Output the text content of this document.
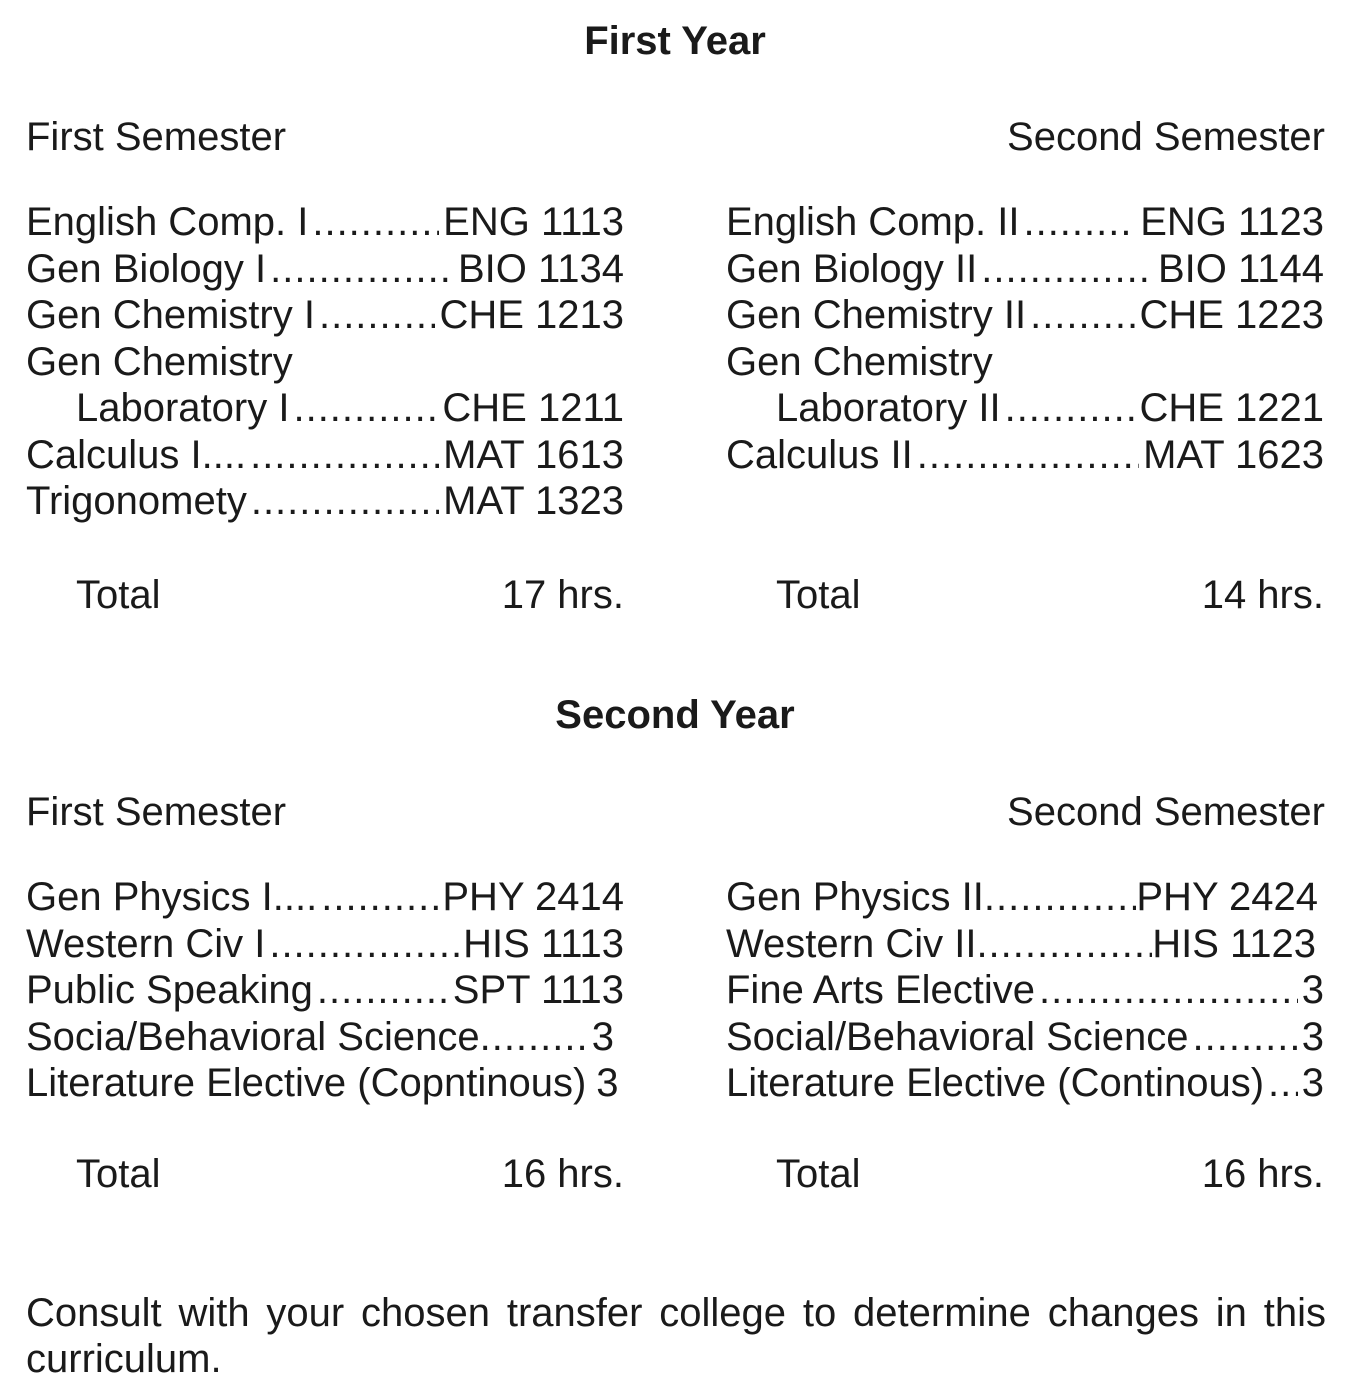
First Year
First Semester	Second Semester
English Comp. I .....	ENG 1113
Gen Biology I .....	BIO 1134
Gen Chemistry I .....	CHE 1213
Gen Chemistry
Laboratory I .....	CHE 1211
Calculus I.... .....	MAT 1613
Trigonomety .....	MAT 1323
English Comp. II .....	ENG 1123
Gen Biology II .....	BIO 1144
Gen Chemistry II .....	CHE 1223
Gen Chemistry
Laboratory II .....	CHE 1221
Calculus II .....	MAT 1623
Total	17 hrs.	Total	14 hrs.
Second Year
First Semester	Second Semester
Gen Physics I.... .....	PHY 2414
Western Civ I .....	HIS 1113
Public Speaking .....	SPT 1113
Socia/Behavioral Science .....	3
Literature Elective (Copntinous) 3
Gen Physics II .....	PHY 2424
Western Civ II .....	HIS 1123
Fine Arts Elective .....	3
Social/Behavioral Science .....	3
Literature Elective (Continous) ..... 3
Total	16 hrs.	Total	16 hrs.
Consult with your chosen transfer college to determine changes in this curriculum.
